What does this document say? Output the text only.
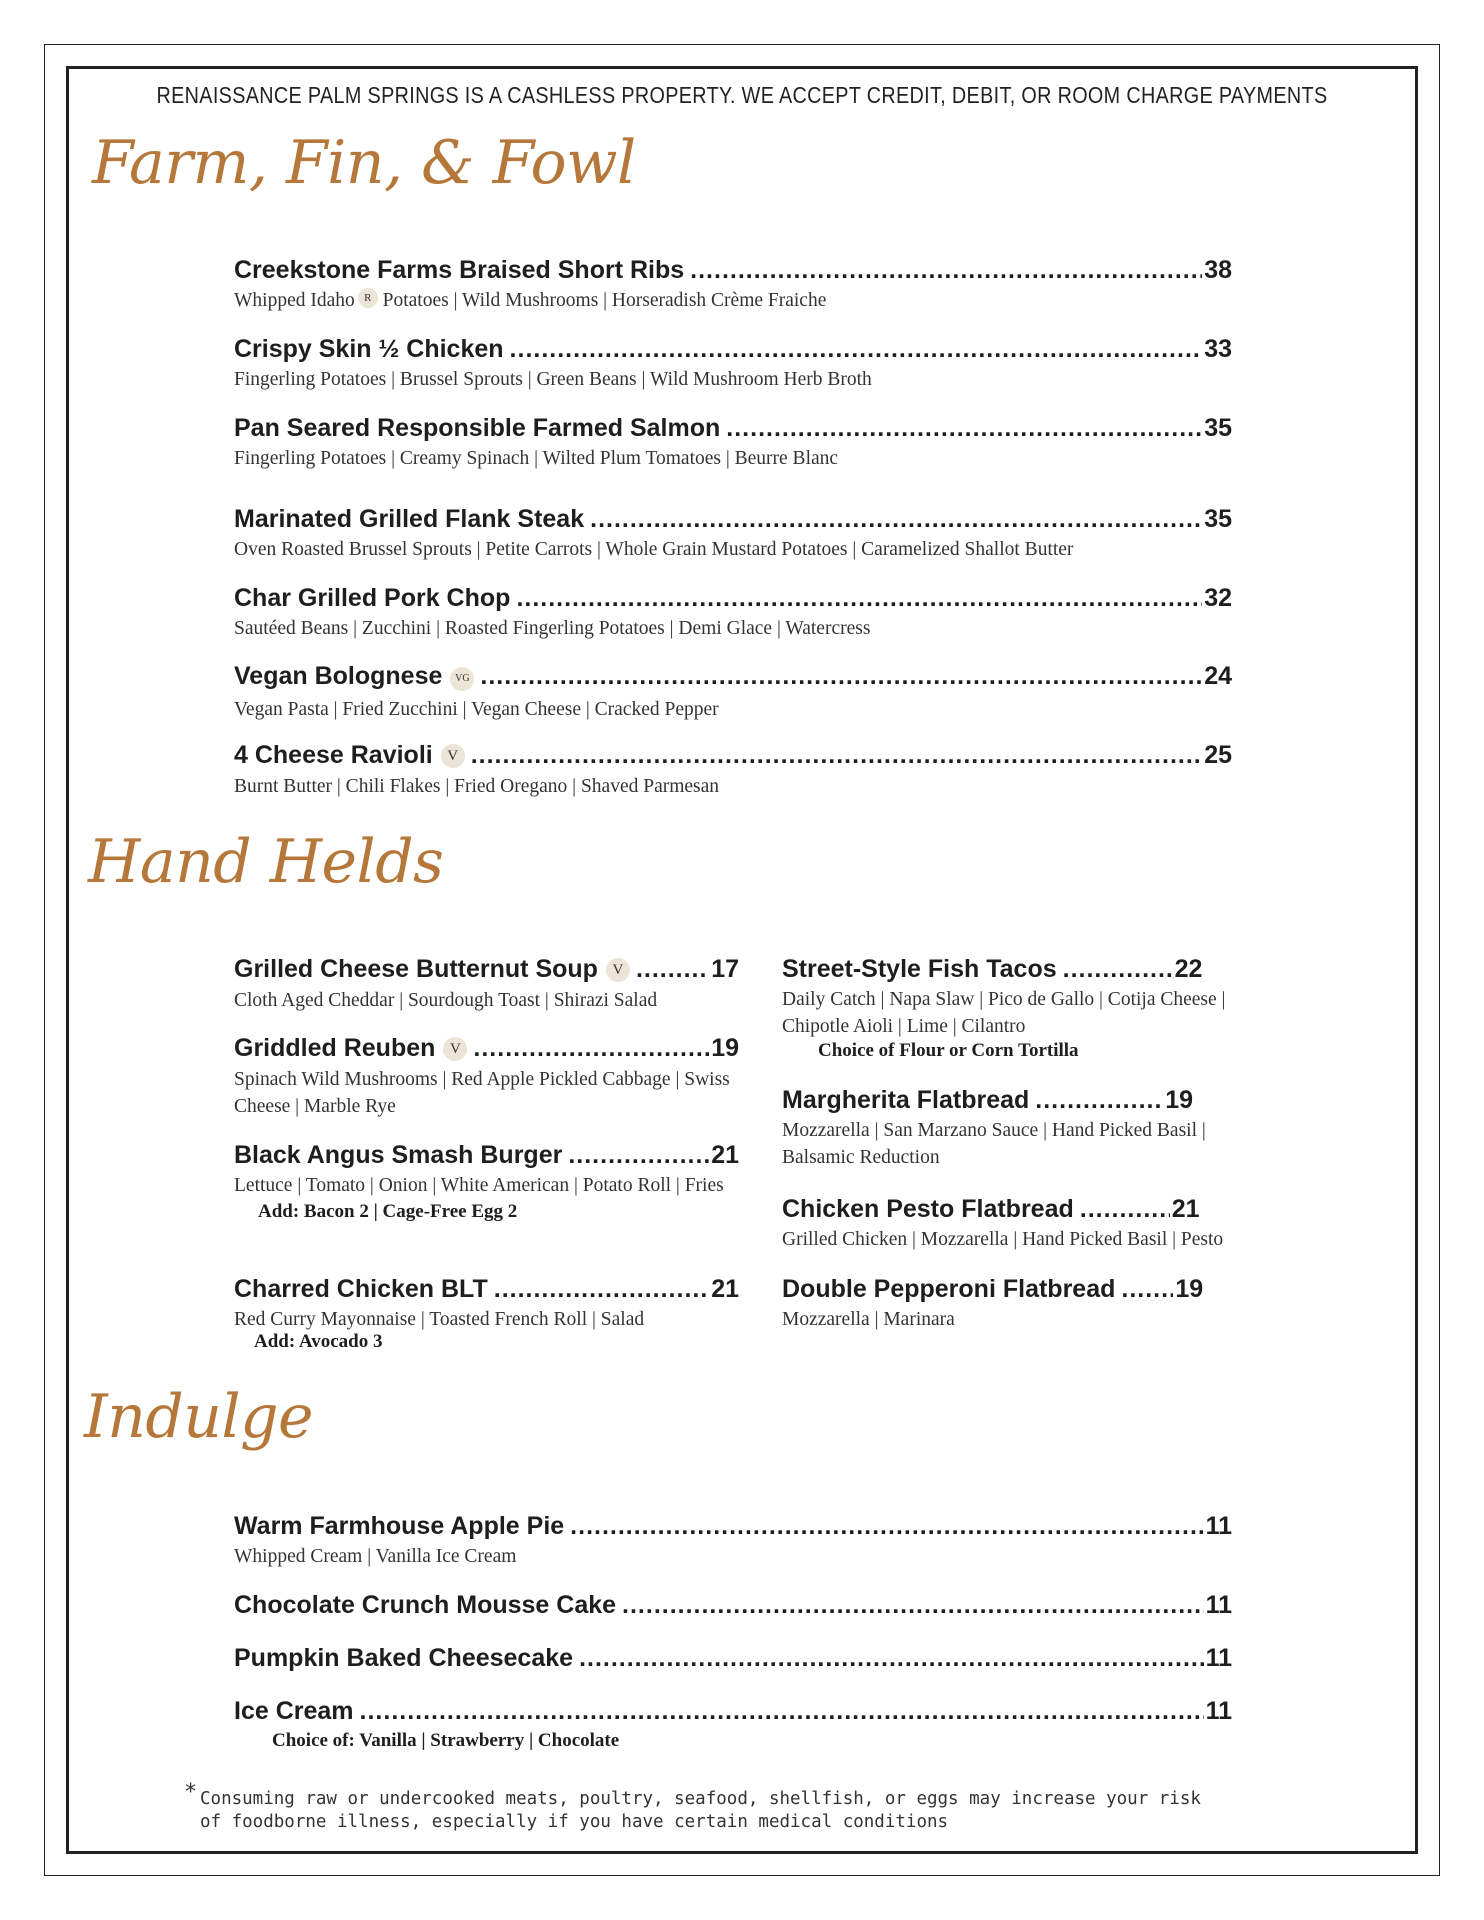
RENAISSANCE PALM SPRINGS IS A CASHLESS PROPERTY. WE ACCEPT CREDIT, DEBIT, OR ROOM CHARGE PAYMENTS
Farm, Fin, & Fowl
Creekstone Farms Braised Short Ribs .....	38
Whipped Idaho R Potatoes | Wild Mushrooms | Horseradish Crème Fraiche
Crispy Skin ½ Chicken .....	33
Fingerling Potatoes | Brussel Sprouts | Green Beans | Wild Mushroom Herb Broth
Pan Seared Responsible Farmed Salmon .....	35
Fingerling Potatoes | Creamy Spinach | Wilted Plum Tomatoes | Beurre Blanc
Marinated Grilled Flank Steak .....	35
Oven Roasted Brussel Sprouts | Petite Carrots | Whole Grain Mustard Potatoes | Caramelized Shallot Butter
Char Grilled Pork Chop .....	32
Sautéed Beans | Zucchini | Roasted Fingerling Potatoes | Demi Glace | Watercress
Vegan Bolognese	VG .....	24
Vegan Pasta | Fried Zucchini | Vegan Cheese | Cracked Pepper
4 Cheese Ravioli V .....	25
Burnt Butter | Chili Flakes | Fried Oregano | Shaved Parmesan
Hand Helds
Grilled Cheese Butternut Soup V .....	17
Cloth Aged Cheddar | Sourdough Toast | Shirazi Salad
Griddled Reuben V .....	19
Spinach Wild Mushrooms | Red Apple Pickled Cabbage | Swiss Cheese | Marble Rye
Black Angus Smash Burger .....	21
Lettuce | Tomato | Onion | White American | Potato Roll | Fries
Add: Bacon 2 | Cage-Free Egg 2
Charred Chicken BLT .....	21
Red Curry Mayonnaise | Toasted French Roll | Salad
Add: Avocado 3
Street-Style Fish Tacos .....	22
Daily Catch | Napa Slaw | Pico de Gallo | Cotija Cheese | Chipotle Aioli | Lime | Cilantro
Choice of Flour or Corn Tortilla
Margherita Flatbread .....	19
Mozzarella | San Marzano Sauce | Hand Picked Basil | Balsamic Reduction
Chicken Pesto Flatbread .....	21
Grilled Chicken | Mozzarella | Hand Picked Basil | Pesto
Double Pepperoni Flatbread ..... 19
Mozzarella | Marinara
Indulge
Warm Farmhouse Apple Pie .....	11
Whipped Cream | Vanilla Ice Cream
Chocolate Crunch Mousse Cake .....	11
Pumpkin Baked Cheesecake .....	11
Ice Cream .....	11
Choice of: Vanilla | Strawberry | Chocolate
* Consuming raw or undercooked meats, poultry, seafood, shellfish, or eggs may increase your risk
of foodborne illness, especially if you have certain medical conditions
